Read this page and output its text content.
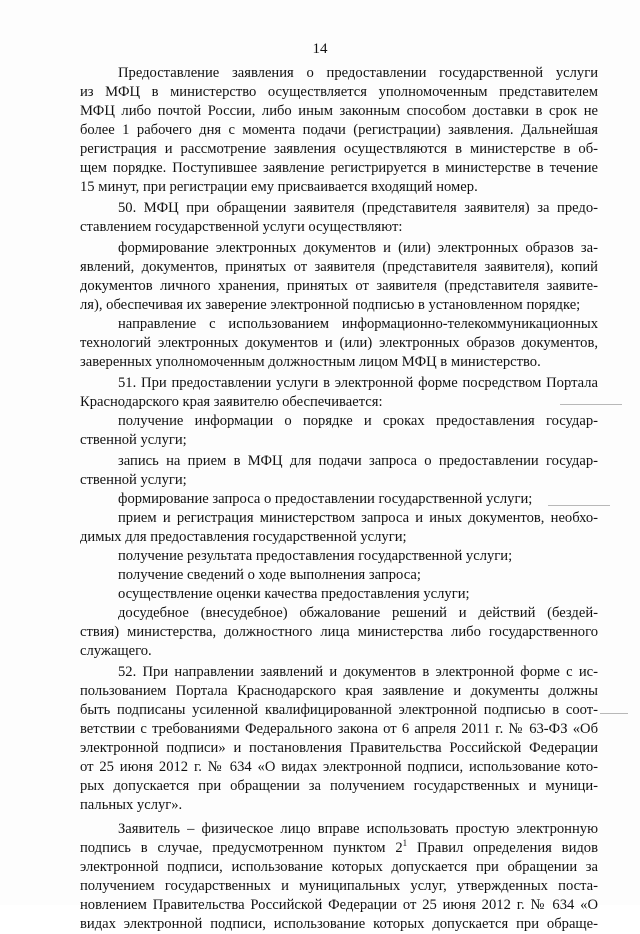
14
Предоставление заявления о предоставлении государственной услуги
из МФЦ в министерство осуществляется уполномоченным представителем
МФЦ либо почтой России, либо иным законным способом доставки в срок не
более 1 рабочего дня с момента подачи (регистрации) заявления. Дальнейшая
регистрация и рассмотрение заявления осуществляются в министерстве в об-
щем порядке. Поступившее заявление регистрируется в министерстве в течение
15 минут, при регистрации ему присваивается входящий номер.
50. МФЦ при обращении заявителя (представителя заявителя) за предо-
ставлением государственной услуги осуществляют:
формирование электронных документов и (или) электронных образов за-
явлений, документов, принятых от заявителя (представителя заявителя), копий
документов личного хранения, принятых от заявителя (представителя заявите-
ля), обеспечивая их заверение электронной подписью в установленном порядке;
направление с использованием информационно-телекоммуникационных
технологий электронных документов и (или) электронных образов документов,
заверенных уполномоченным должностным лицом МФЦ в министерство.
51. При предоставлении услуги в электронной форме посредством Портала
Краснодарского края заявителю обеспечивается:
получение информации о порядке и сроках предоставления государ-
ственной услуги;
запись на прием в МФЦ для подачи запроса о предоставлении государ-
ственной услуги;
формирование запроса о предоставлении государственной услуги;
прием и регистрация министерством запроса и иных документов, необхо-
димых для предоставления государственной услуги;
получение результата предоставления государственной услуги;
получение сведений о ходе выполнения запроса;
осуществление оценки качества предоставления услуги;
досудебное (внесудебное) обжалование решений и действий (бездей-
ствия) министерства, должностного лица министерства либо государственного
служащего.
52. При направлении заявлений и документов в электронной форме с ис-
пользованием Портала Краснодарского края заявление и документы должны
быть подписаны усиленной квалифицированной электронной подписью в соот-
ветствии с требованиями Федерального закона от 6 апреля 2011 г. № 63-ФЗ «Об
электронной подписи» и постановления Правительства Российской Федерации
от 25 июня 2012 г. № 634 «О видах электронной подписи, использование кото-
рых допускается при обращении за получением государственных и муници-
пальных услуг».
Заявитель – физическое лицо вправе использовать простую электронную
подпись в случае, предусмотренном пунктом $2^1$ Правил определения видов
электронной подписи, использование которых допускается при обращении за
получением государственных и муниципальных услуг, утвержденных поста-
новлением Правительства Российской Федерации от 25 июня 2012 г. № 634 «О
видах электронной подписи, использование которых допускается при обраще-
